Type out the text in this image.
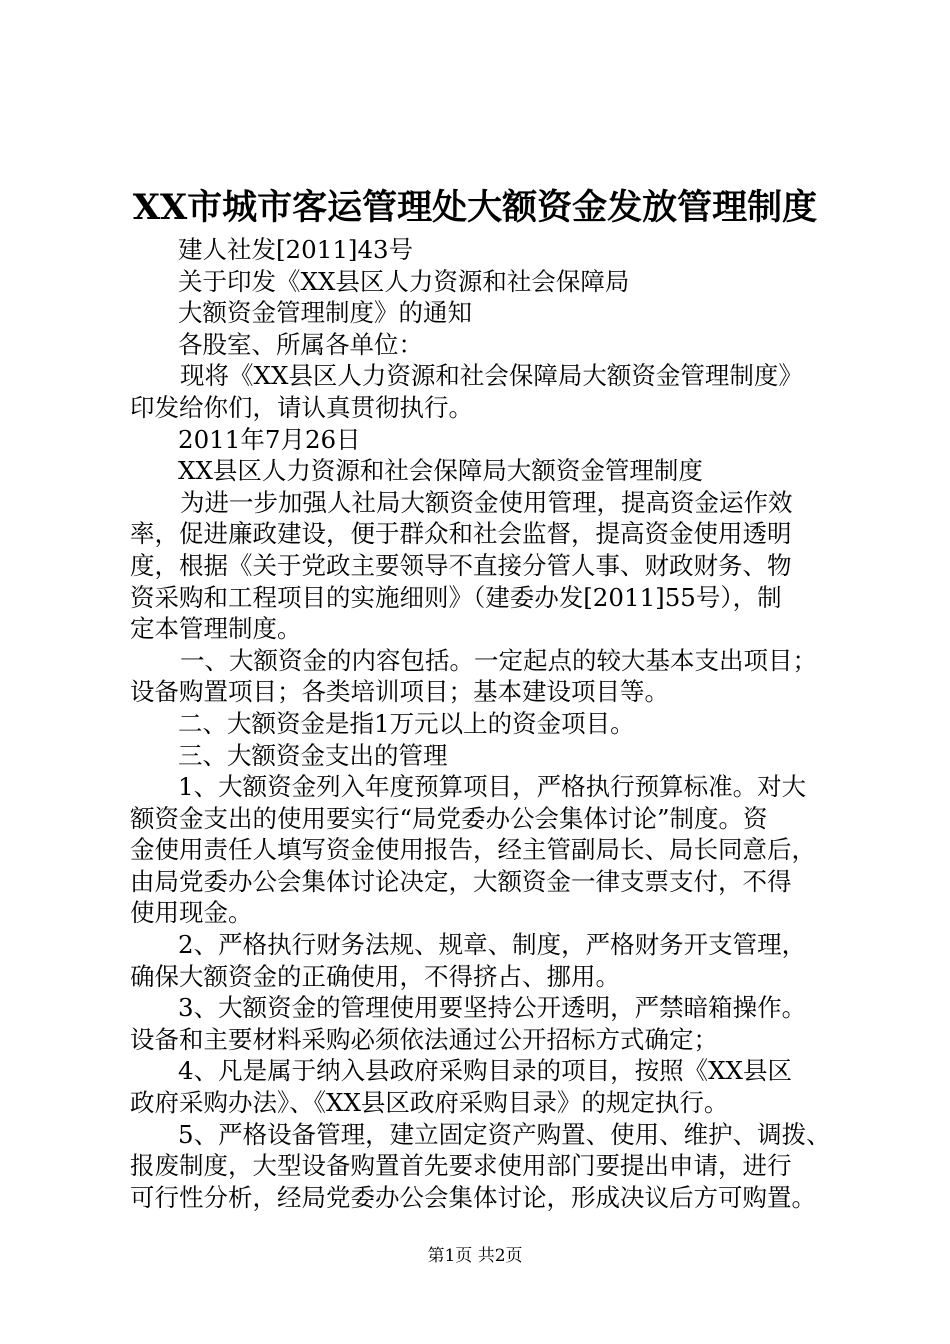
XX市城市客运管理处大额资金发放管理制度

建人社发[2011]43号

关于印发《XX县区人力资源和社会保障局

大额资金管理制度》的通知

各股室、所属各单位：

现将《XX县区人力资源和社会保障局大额资金管理制度》

印发给你们，请认真贯彻执行。

2011年7月26日

XX县区人力资源和社会保障局大额资金管理制度

为进一步加强人社局大额资金使用管理，提高资金运作效

率，促进廉政建设，便于群众和社会监督，提高资金使用透明

度，根据《关于党政主要领导不直接分管人事、财政财务、物

资采购和工程项目的实施细则》（建委办发[2011]55号），制

定本管理制度。

一、大额资金的内容包括。一定起点的较大基本支出项目；

设备购置项目；各类培训项目；基本建设项目等。

二、大额资金是指1万元以上的资金项目。

三、大额资金支出的管理

1、大额资金列入年度预算项目，严格执行预算标准。对大

额资金支出的使用要实行“局党委办公会集体讨论”制度。资

金使用责任人填写资金使用报告，经主管副局长、局长同意后，

由局党委办公会集体讨论决定，大额资金一律支票支付，不得

使用现金。

2、严格执行财务法规、规章、制度，严格财务开支管理，

确保大额资金的正确使用，不得挤占、挪用。

3、大额资金的管理使用要坚持公开透明，严禁暗箱操作。

设备和主要材料采购必须依法通过公开招标方式确定；

4、凡是属于纳入县政府采购目录的项目，按照《XX县区

政府采购办法》、《XX县区政府采购目录》的规定执行。

5、严格设备管理，建立固定资产购置、使用、维护、调拨、

报废制度，大型设备购置首先要求使用部门要提出申请，进行

可行性分析，经局党委办公会集体讨论，形成决议后方可购置。

第1页 共2页
